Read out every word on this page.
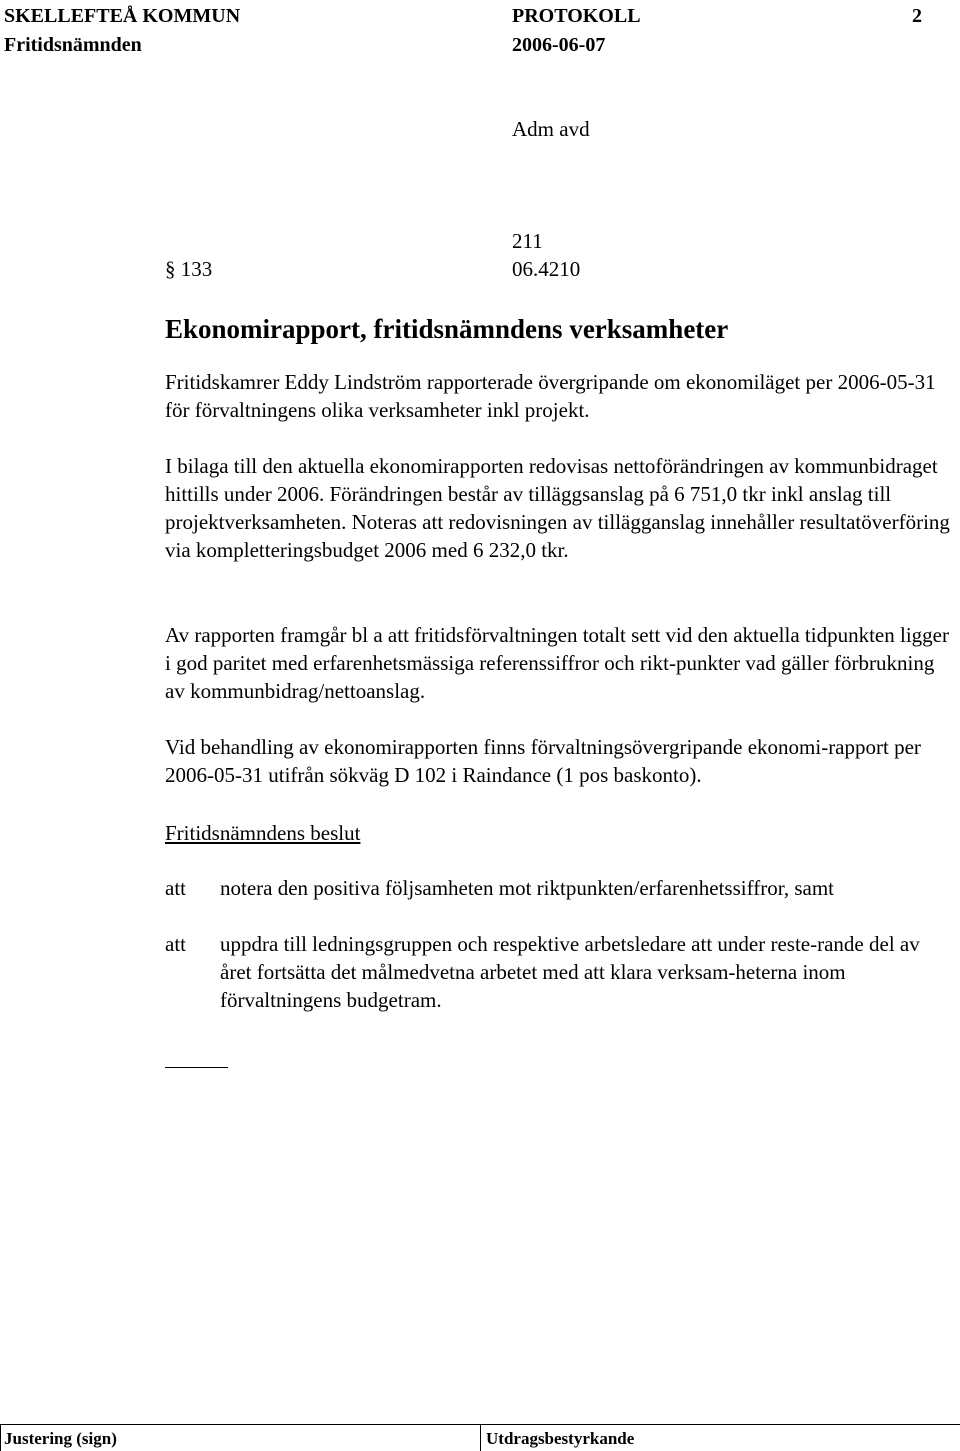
SKELLEFTEÅ KOMMUN	PROTOKOLL	2
Fritidsnämnden	2006-06-07
Adm avd
211
§ 133	06.4210
Ekonomirapport, fritidsnämndens verksamheter

Fritidskamrer Eddy Lindström rapporterade övergripande om ekonomiläget per 2006-05-31 för förvaltningens olika verksamheter inkl projekt.

I bilaga till den aktuella ekonomirapporten redovisas nettoförändringen av kommunbidraget hittills under 2006. Förändringen består av tilläggsanslag på 6 751,0 tkr inkl anslag till projektverksamheten. Noteras att redovisningen av tillägganslag innehåller resultatöverföring via kompletteringsbudget 2006 med 6 232,0 tkr.

Av rapporten framgår bl a att fritidsförvaltningen totalt sett vid den aktuella tidpunkten ligger i god paritet med erfarenhetsmässiga referenssiffror och rikt-punkter vad gäller förbrukning av kommunbidrag/nettoanslag.

Vid behandling av ekonomirapporten finns förvaltningsövergripande ekonomi-rapport per 2006-05-31 utifrån sökväg D 102 i Raindance (1 pos baskonto).

Fritidsnämndens beslut
att notera den positiva följsamheten mot riktpunkten/erfarenhetssiffror, samt
att uppdra till ledningsgruppen och respektive arbetsledare att under reste-rande del av året fortsätta det målmedvetna arbetet med att klara verksam-heterna inom förvaltningens budgetram.
Justering (sign)	Utdragsbestyrkande
